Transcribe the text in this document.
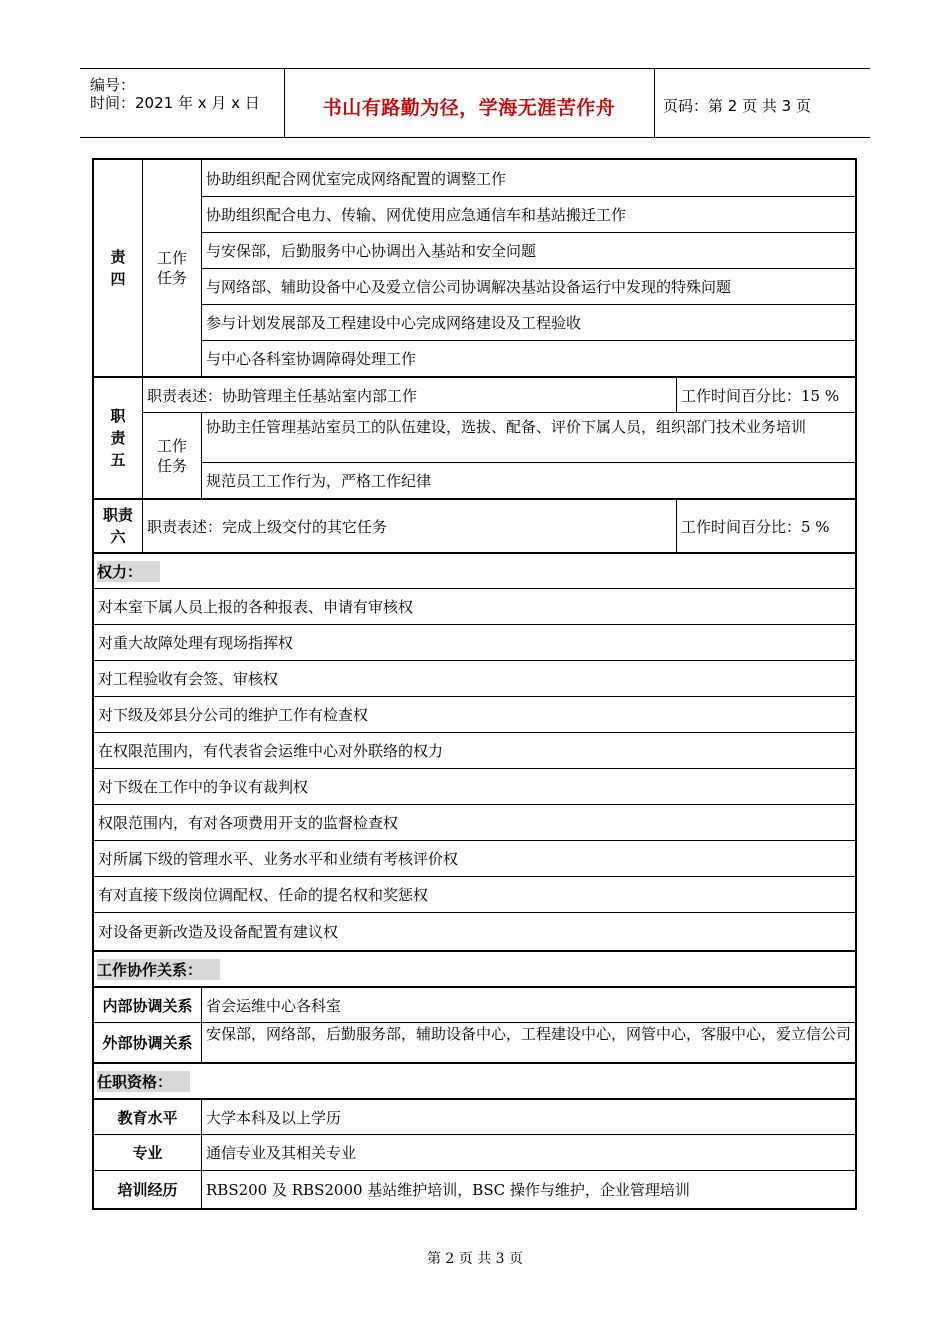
编号：
时间：2021 年 x 月 x 日	书山有路勤为径，学海无涯苦作舟	页码：第 2 页 共 3 页
责
四
工作
任务
协助组织配合网优室完成网络配置的调整工作
协助组织配合电力、传输、网优使用应急通信车和基站搬迁工作
与安保部，后勤服务中心协调出入基站和安全问题
与网络部、辅助设备中心及爱立信公司协调解决基站设备运行中发现的特殊问题
参与计划发展部及工程建设中心完成网络建设及工程验收
与中心各科室协调障碍处理工作
职
责
五
职责表述：协助管理主任基站室内部工作	工作时间百分比：15 %
工作
任务
协助主任管理基站室员工的队伍建设，选拔、配备、评价下属人员，组织部门技术业务培训
规范员工工作行为，严格工作纪律
职责
六
职责表述：完成上级交付的其它任务	工作时间百分比：5 %
权力：
对本室下属人员上报的各种报表、申请有审核权
对重大故障处理有现场指挥权
对工程验收有会签、审核权
对下级及郊县分公司的维护工作有检查权
在权限范围内，有代表省会运维中心对外联络的权力
对下级在工作中的争议有裁判权
权限范围内，有对各项费用开支的监督检查权
对所属下级的管理水平、业务水平和业绩有考核评价权
有对直接下级岗位调配权、任命的提名权和奖惩权
对设备更新改造及设备配置有建议权
工作协作关系：
内部协调关系 省会运维中心各科室
外部协调关系 安保部，网络部，后勤服务部，辅助设备中心，工程建设中心，网管中心，客服中心，爱立信公司
任职资格：
教育水平	大学本科及以上学历
专业	通信专业及其相关专业
培训经历	RBS200 及 RBS2000 基站维护培训，BSC 操作与维护，企业管理培训
第 2 页 共 3 页
